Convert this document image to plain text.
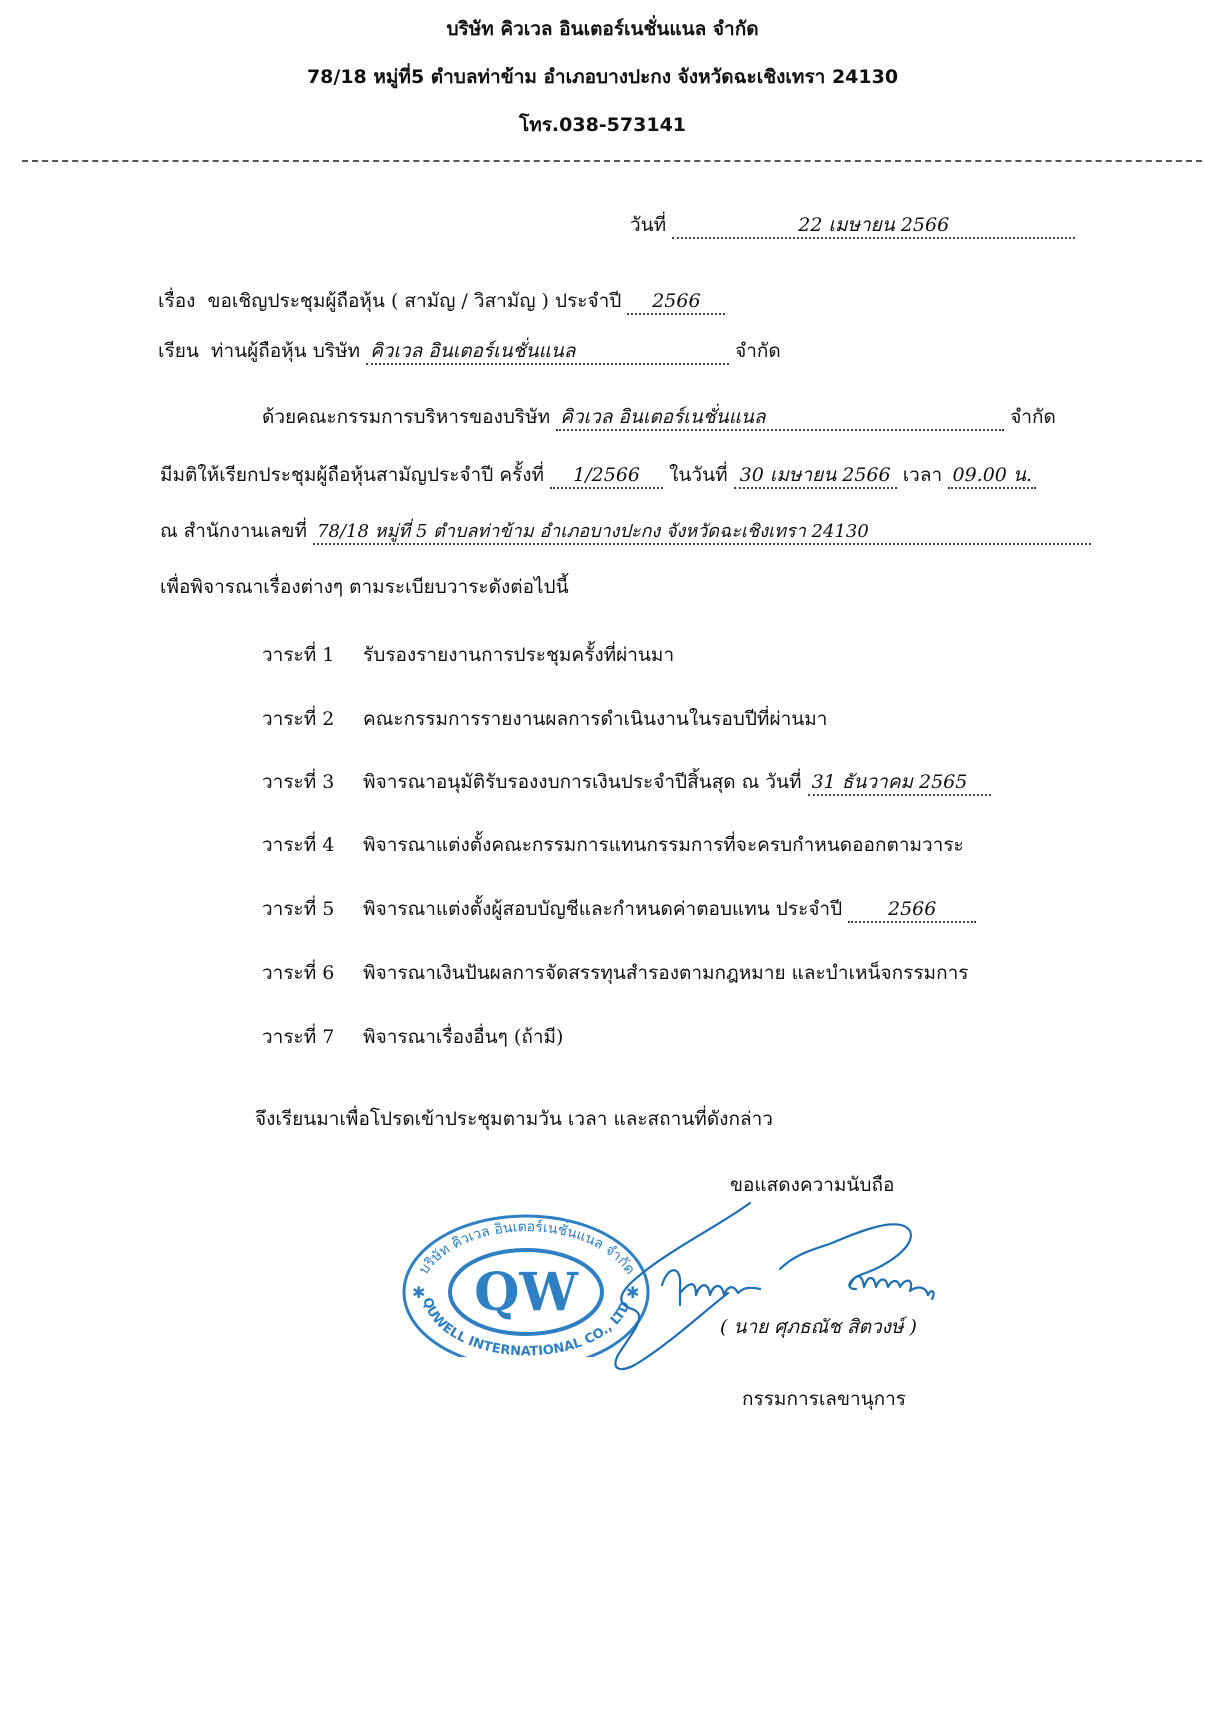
บริษัท คิวเวล อินเตอร์เนชั่นแนล จำกัด
78/18 หมู่ที่5 ตำบลท่าข้าม อำเภอบางปะกง จังหวัดฉะเชิงเทรา 24130
โทร.038-573141
วันที่	22 เมษายน 2566
เรื่อง ขอเชิญประชุมผู้ถือหุ้น ( สามัญ / วิสามัญ ) ประจำปี 2566
เรียน ท่านผู้ถือหุ้น บริษัท คิวเวล อินเตอร์เนชั่นแนล	จำกัด
ด้วยคณะกรรมการบริหารของบริษัท คิวเวล อินเตอร์เนชั่นแนล	จำกัด
มีมติให้เรียกประชุมผู้ถือหุ้นสามัญประจำปี ครั้งที่ 1/2566 ในวันที่ 30 เมษายน 2566 เวลา 09.00 น.
ณ สำนักงานเลขที่ 78/18 หมู่ที่ 5 ตำบลท่าข้าม อำเภอบางปะกง จังหวัดฉะเชิงเทรา 24130
เพื่อพิจารณาเรื่องต่างๆ ตามระเบียบวาระดังต่อไปนี้
วาระที่ 1 รับรองรายงานการประชุมครั้งที่ผ่านมา
วาระที่ 2 คณะกรรมการรายงานผลการดำเนินงานในรอบปีที่ผ่านมา
วาระที่ 3 พิจารณาอนุมัติรับรองงบการเงินประจำปีสิ้นสุด ณ วันที่ 31 ธันวาคม 2565
วาระที่ 4 พิจารณาแต่งตั้งคณะกรรมการแทนกรรมการที่จะครบกำหนดออกตามวาระ
วาระที่ 5 พิจารณาแต่งตั้งผู้สอบบัญชีและกำหนดค่าตอบแทน ประจำปี 2566
วาระที่ 6 พิจารณาเงินปันผลการจัดสรรทุนสำรองตามกฎหมาย และบำเหน็จกรรมการ
วาระที่ 7 พิจารณาเรื่องอื่นๆ (ถ้ามี)
จึงเรียนมาเพื่อโปรดเข้าประชุมตามวัน เวลา และสถานที่ดังกล่าว
ขอแสดงความนับถือ
QW
บริษัท คิวเวล อินเตอร์เนชั่นแนล จำกัด
QUWELL INTERNATIONAL CO., LTD
✱	✱
( นาย ศุภธณัช สิตวงษ์ )
กรรมการเลขานุการ
